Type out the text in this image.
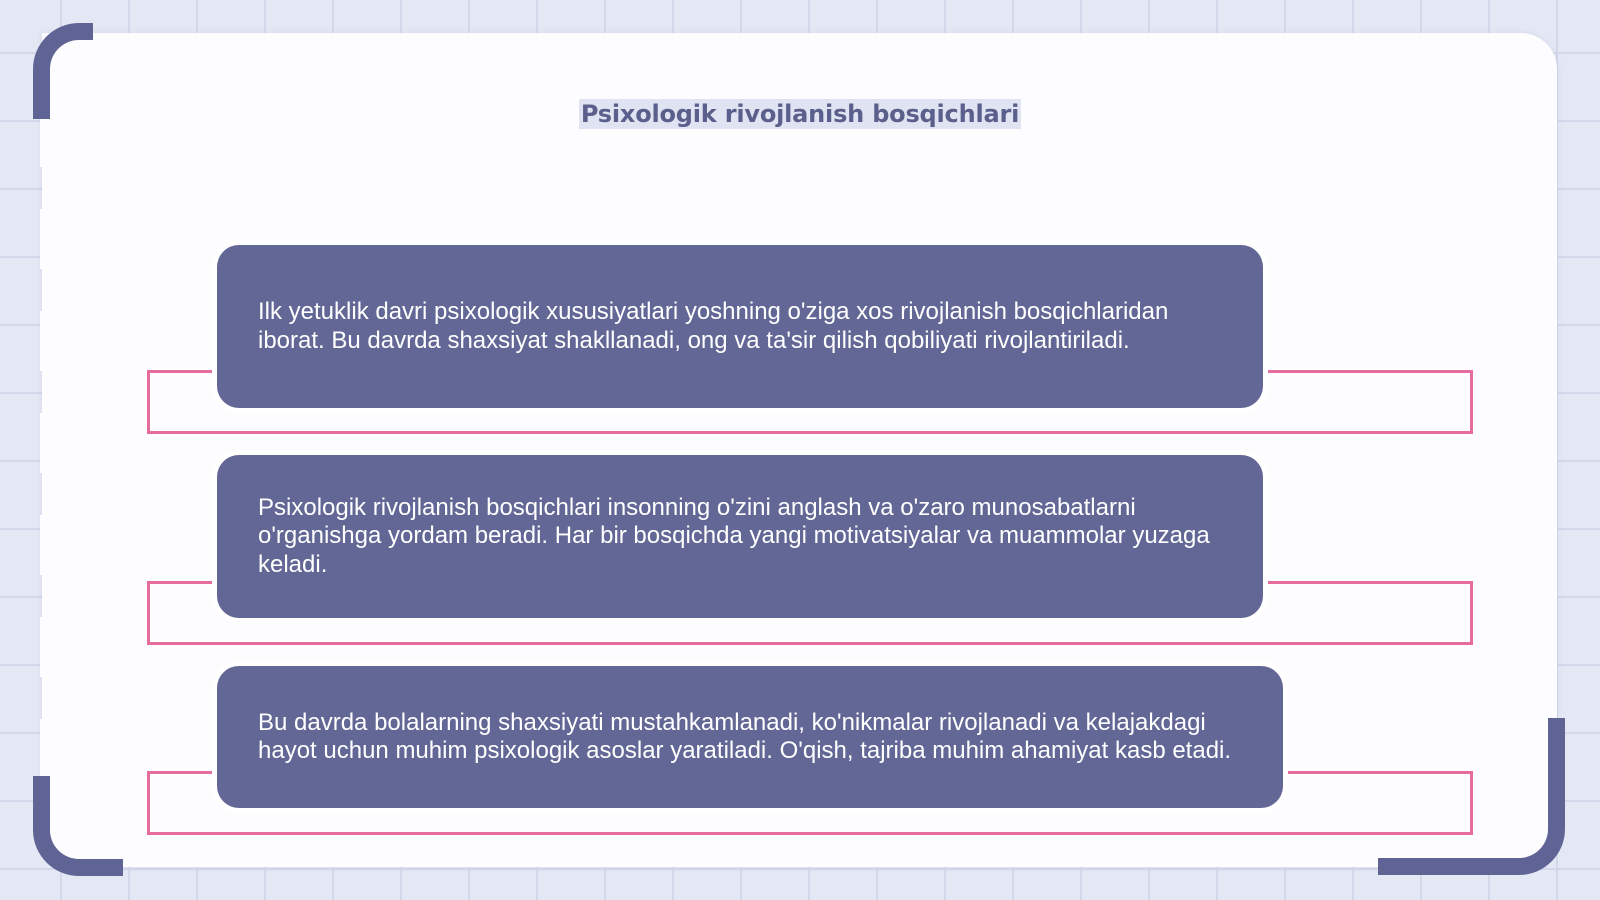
Psixologik rivojlanish bosqichlari

Ilk yetuklik davri psixologik xususiyatlari yoshning o'ziga xos rivojlanish bosqichlaridan iborat. Bu davrda shaxsiyat shakllanadi, ong va ta'sir qilish qobiliyati rivojlantiriladi.

Psixologik rivojlanish bosqichlari insonning o'zini anglash va o'zaro munosabatlarni o'rganishga yordam beradi. Har bir bosqichda yangi motivatsiyalar va muammolar yuzaga keladi.

Bu davrda bolalarning shaxsiyati mustahkamlanadi, ko'nikmalar rivojlanadi va kelajakdagi hayot uchun muhim psixologik asoslar yaratiladi. O'qish, tajriba muhim ahamiyat kasb etadi.
